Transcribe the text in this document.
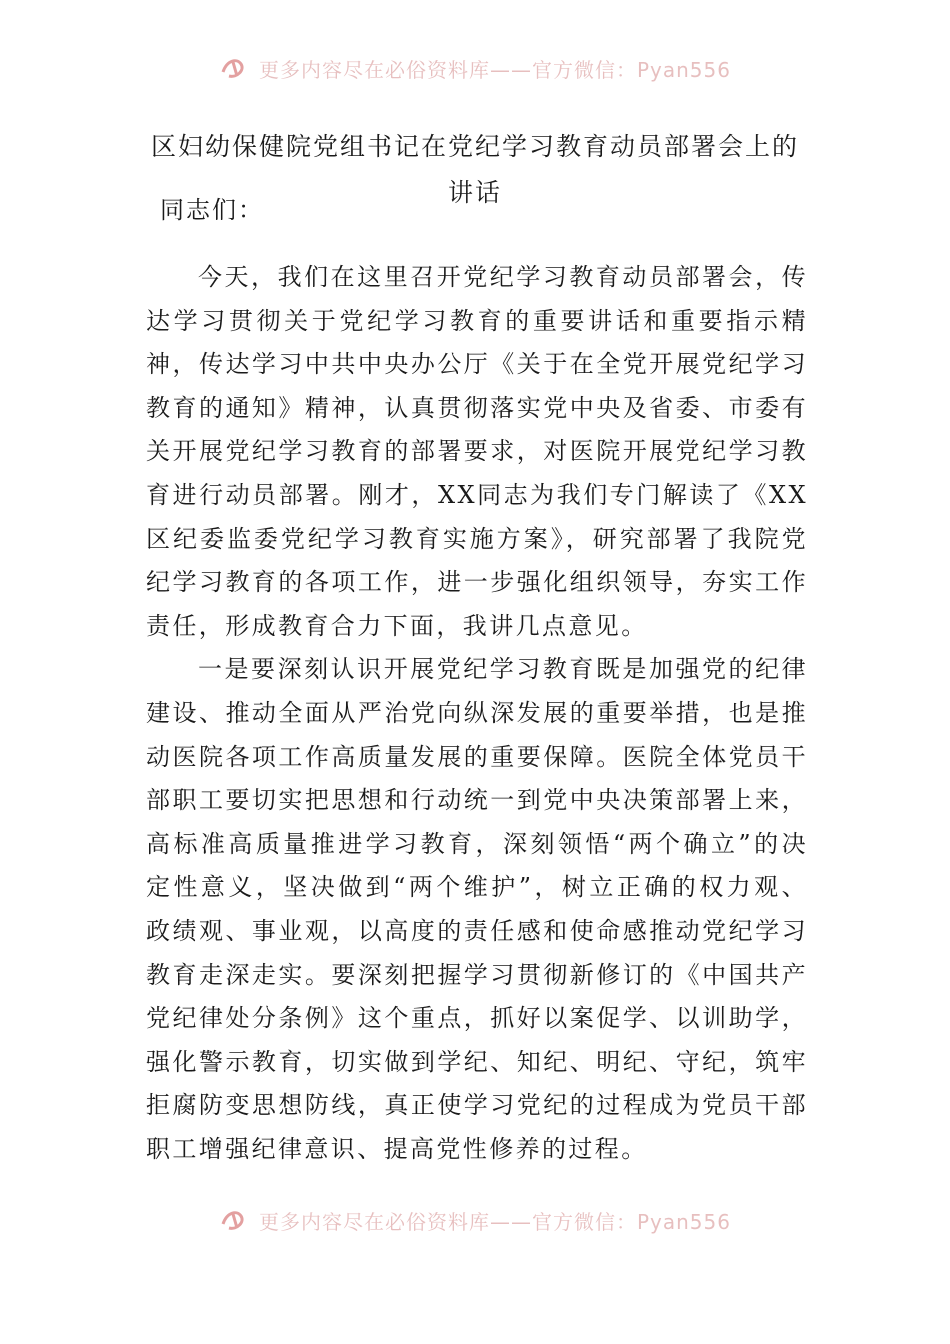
更多内容尽在必俗资料库——官方微信：Pyan556
区妇幼保健院党组书记在党纪学习教育动员部署会上的讲话

同志们：

今天，我们在这里召开党纪学习教育动员部署会，传达学习贯彻关于党纪学习教育的重要讲话和重要指示精神，传达学习中共中央办公厅《关于在全党开展党纪学习教育的通知》精神，认真贯彻落实党中央及省委、市委有关开展党纪学习教育的部署要求，对医院开展党纪学习教育进行动员部署。刚才，XX同志为我们专门解读了《XX区纪委监委党纪学习教育实施方案》，研究部署了我院党纪学习教育的各项工作，进一步强化组织领导，夯实工作责任，形成教育合力下面，我讲几点意见。

一是要深刻认识开展党纪学习教育既是加强党的纪律建设、推动全面从严治党向纵深发展的重要举措，也是推动医院各项工作高质量发展的重要保障。医院全体党员干部职工要切实把思想和行动统一到党中央决策部署上来，高标准高质量推进学习教育，深刻领悟“两个确立”的决定性意义，坚决做到“两个维护”，树立正确的权力观、政绩观、事业观，以高度的责任感和使命感推动党纪学习教育走深走实。要深刻把握学习贯彻新修订的《中国共产党纪律处分条例》这个重点，抓好以案促学、以训助学，强化警示教育，切实做到学纪、知纪、明纪、守纪，筑牢拒腐防变思想防线，真正使学习党纪的过程成为党员干部职工增强纪律意识、提高党性修养的过程。

更多内容尽在必俗资料库——官方微信：Pyan556
